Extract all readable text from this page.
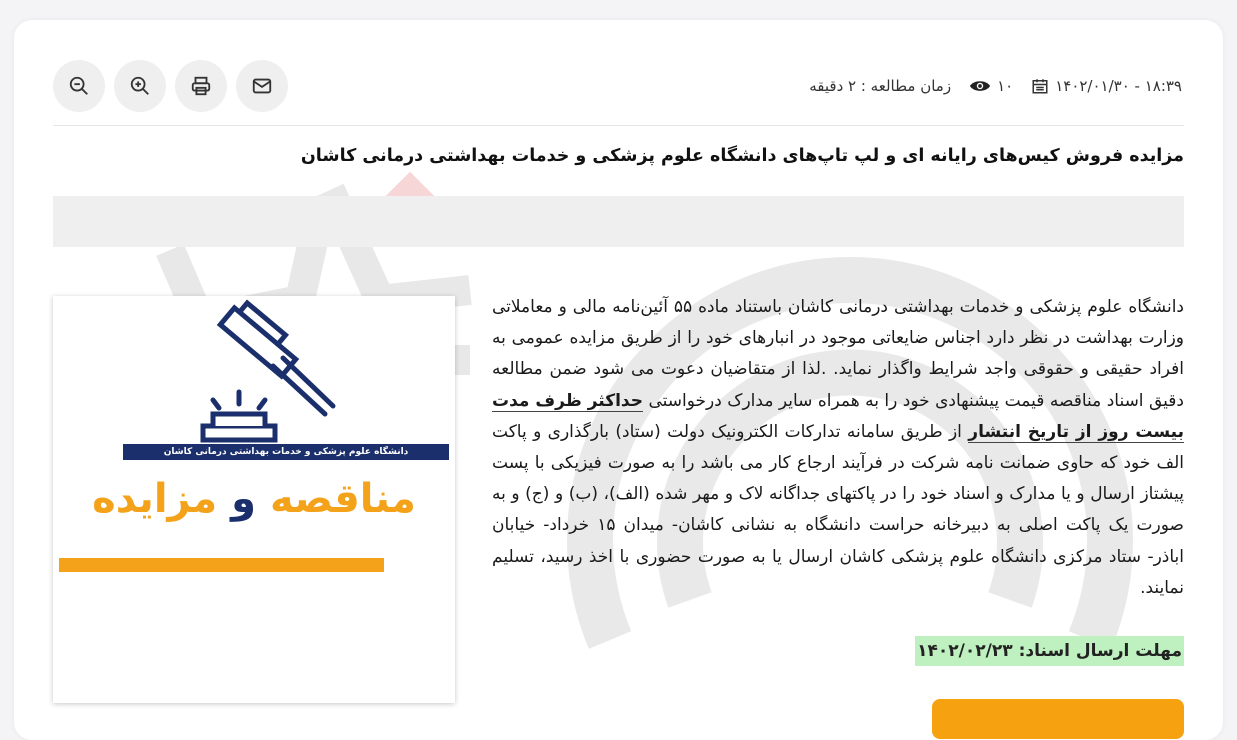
۱۴۰۲/۰۱/۳۰ - ۱۸:۳۹
۱۰
زمان مطالعه : ۲ دقیقه
مزایده فروش کیس‌های رایانه ای و لپ تاپ‌های دانشگاه علوم پزشکی و خدمات بهداشتی درمانی کاشان
دانشگاه علوم پزشکی و خدمات بهداشتی درمانی کاشان باستناد ماده ۵۵ آئین‌نامه مالی و معاملاتی وزارت بهداشت در نظر دارد اجناس ضایعاتی موجود در انبارهای خود را از طریق مزایده عمومی به افراد حقیقی و حقوقی واجد شرایط واگذار نماید. .لذا از متقاضیان دعوت می شود ضمن مطالعه دقیق اسناد مناقصه قیمت پیشنهادی خود را به همراه سایر مدارک درخواستی حداکثر ظرف مدت بیست روز از تاریخ انتشار از طریق سامانه تدارکات الکترونیک دولت (ستاد) بارگذاری و پاکت الف خود که حاوی ضمانت نامه شرکت در فرآیند ارجاع کار می باشد را به صورت فیزیکی با پست پیشتاز ارسال و یا مدارک و اسناد خود را در پاکتهای جداگانه لاک و مهر شده (الف)، (ب) و (ج) و به صورت یک پاکت اصلی به دبیرخانه حراست دانشگاه به نشانی کاشان- میدان ۱۵ خرداد- خیابان اباذر- ستاد مرکزی دانشگاه علوم پزشکی کاشان ارسال یا به صورت حضوری با اخذ رسید، تسلیم نمایند.
مهلت ارسال اسناد:
۱۴۰۲/۰۲/۲۳
دانشگاه علوم پزشکی و خدمات بهداشتی درمانی کاشان
مناقصه و مزایده
